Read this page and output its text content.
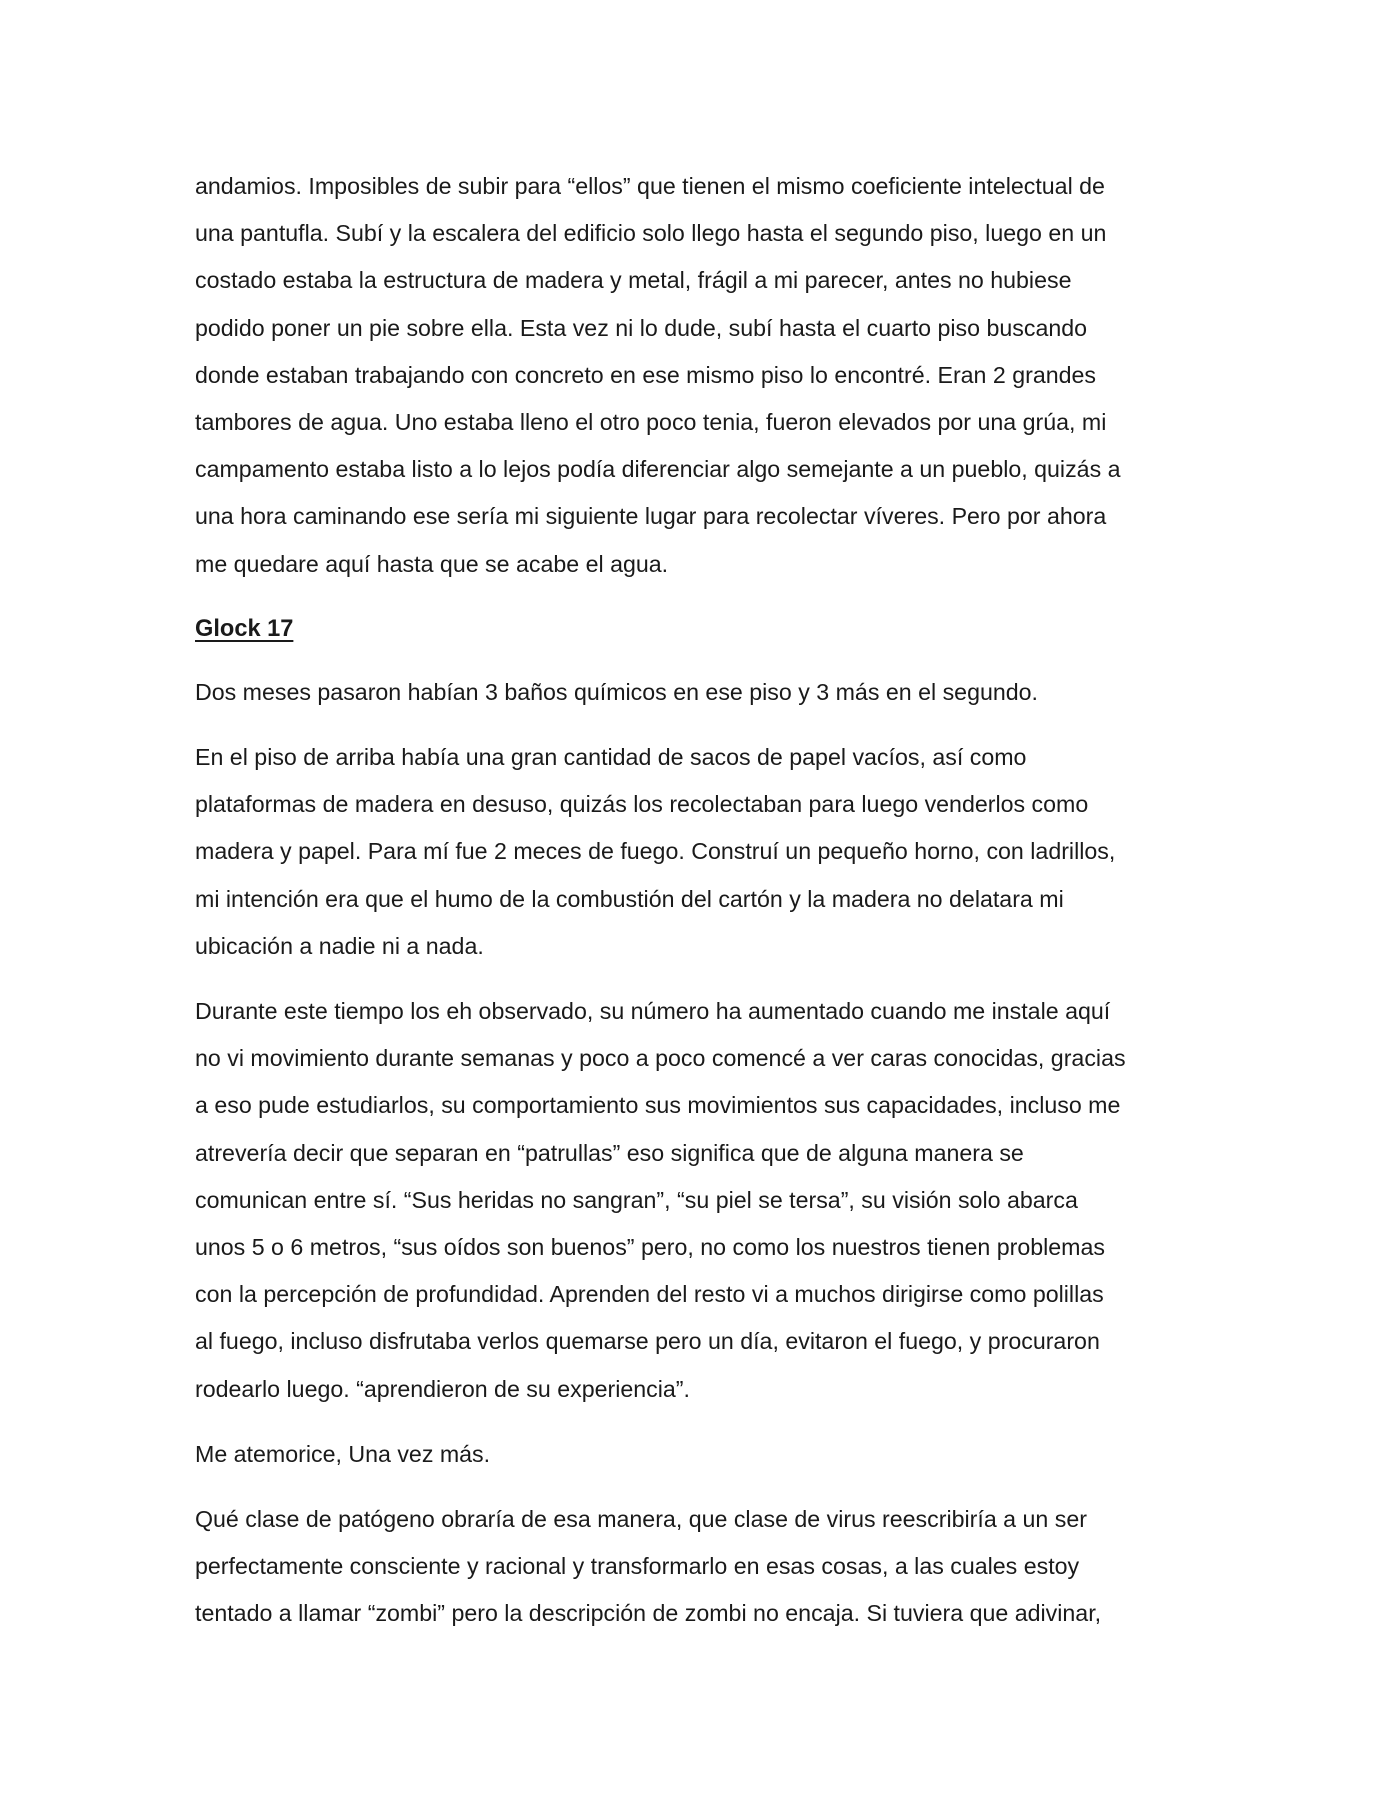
andamios. Imposibles de subir para “ellos” que tienen el mismo coeficiente intelectual de
una pantufla. Subí y la escalera del edificio solo llego hasta el segundo piso, luego en un
costado estaba la estructura de madera y metal, frágil a mi parecer, antes no hubiese
podido poner un pie sobre ella. Esta vez ni lo dude, subí hasta el cuarto piso buscando
donde estaban trabajando con concreto en ese mismo piso lo encontré. Eran 2 grandes
tambores de agua. Uno estaba lleno el otro poco tenia, fueron elevados por una grúa, mi
campamento estaba listo a lo lejos podía diferenciar algo semejante a un pueblo, quizás a
una hora caminando ese sería mi siguiente lugar para recolectar víveres. Pero por ahora
me quedare aquí hasta que se acabe el agua.

Glock 17

Dos meses pasaron habían 3 baños químicos en ese piso y 3 más en el segundo.

En el piso de arriba había una gran cantidad de sacos de papel vacíos, así como
plataformas de madera en desuso, quizás los recolectaban para luego venderlos como
madera y papel. Para mí fue 2 meces de fuego. Construí un pequeño horno, con ladrillos,
mi intención era que el humo de la combustión del cartón y la madera no delatara mi
ubicación a nadie ni a nada.

Durante este tiempo los eh observado, su número ha aumentado cuando me instale aquí
no vi movimiento durante semanas y poco a poco comencé a ver caras conocidas, gracias
a eso pude estudiarlos, su comportamiento sus movimientos sus capacidades, incluso me
atrevería decir que separan en “patrullas” eso significa que de alguna manera se
comunican entre sí. “Sus heridas no sangran”, “su piel se tersa”, su visión solo abarca
unos 5 o 6 metros, “sus oídos son buenos” pero, no como los nuestros tienen problemas
con la percepción de profundidad. Aprenden del resto vi a muchos dirigirse como polillas
al fuego, incluso disfrutaba verlos quemarse pero un día, evitaron el fuego, y procuraron
rodearlo luego. “aprendieron de su experiencia”.

Me atemorice, Una vez más.

Qué clase de patógeno obraría de esa manera, que clase de virus reescribiría a un ser
perfectamente consciente y racional y transformarlo en esas cosas, a las cuales estoy
tentado a llamar “zombi” pero la descripción de zombi no encaja. Si tuviera que adivinar,
